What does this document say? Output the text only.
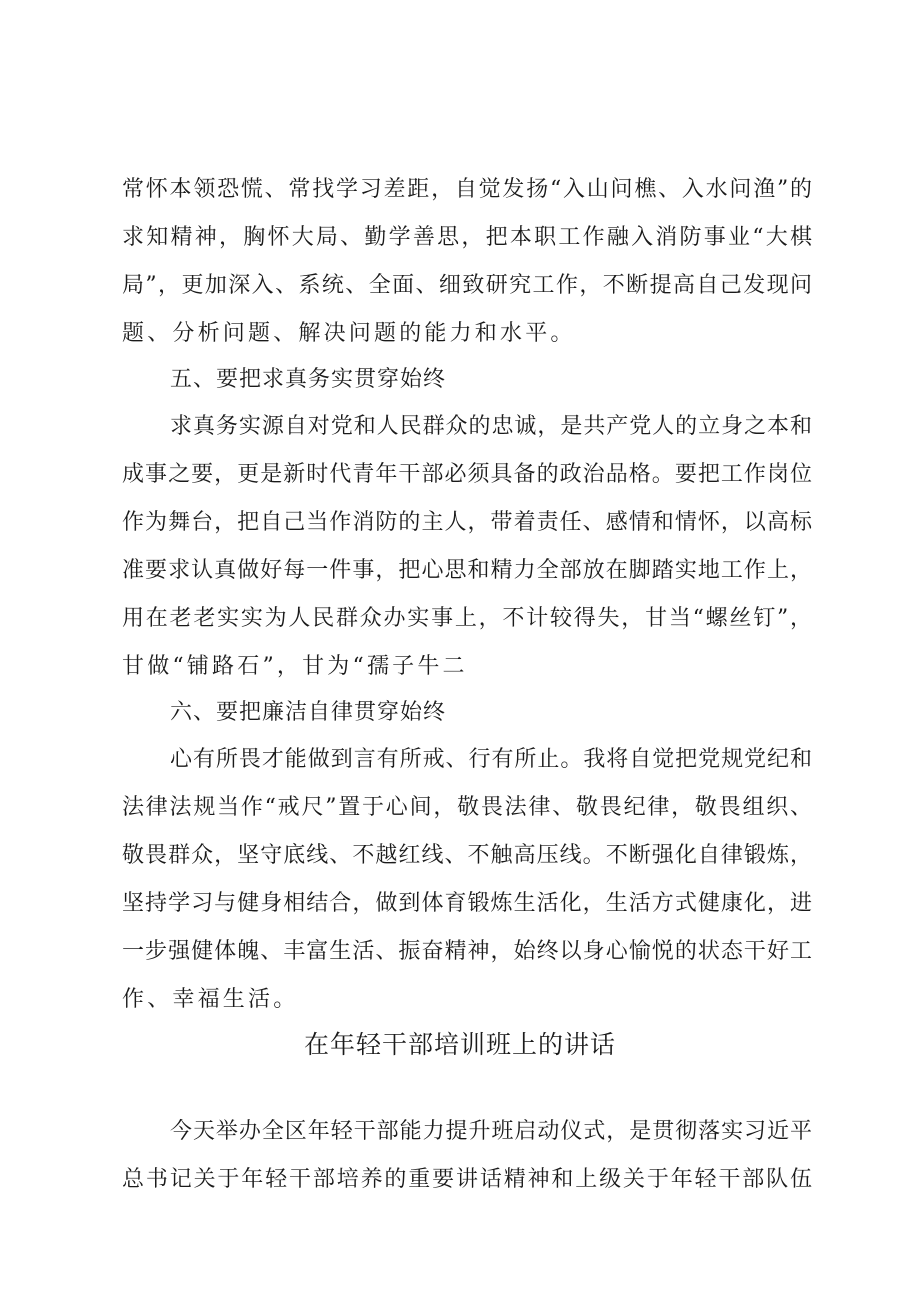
常怀本领恐慌、常找学习差距，自觉发扬“入山问樵、入水问渔”的
求知精神，胸怀大局、勤学善思，把本职工作融入消防事业“大棋
局”，更加深入、系统、全面、细致研究工作，不断提高自己发现问
题、分析问题、解决问题的能力和水平。
五、要把求真务实贯穿始终
求真务实源自对党和人民群众的忠诚，是共产党人的立身之本和
成事之要，更是新时代青年干部必须具备的政治品格。要把工作岗位
作为舞台，把自己当作消防的主人，带着责任、感情和情怀，以高标
准要求认真做好每一件事，把心思和精力全部放在脚踏实地工作上，
用在老老实实为人民群众办实事上，不计较得失，甘当“螺丝钉”，
甘做“铺路石”，甘为“孺子牛二
六、要把廉洁自律贯穿始终
心有所畏才能做到言有所戒、行有所止。我将自觉把党规党纪和
法律法规当作“戒尺”置于心间，敬畏法律、敬畏纪律，敬畏组织、
敬畏群众，坚守底线、不越红线、不触高压线。不断强化自律锻炼，
坚持学习与健身相结合，做到体育锻炼生活化，生活方式健康化，进
一步强健体魄、丰富生活、振奋精神，始终以身心愉悦的状态干好工
作、幸福生活。
在年轻干部培训班上的讲话
今天举办全区年轻干部能力提升班启动仪式，是贯彻落实习近平
总书记关于年轻干部培养的重要讲话精神和上级关于年轻干部队伍
